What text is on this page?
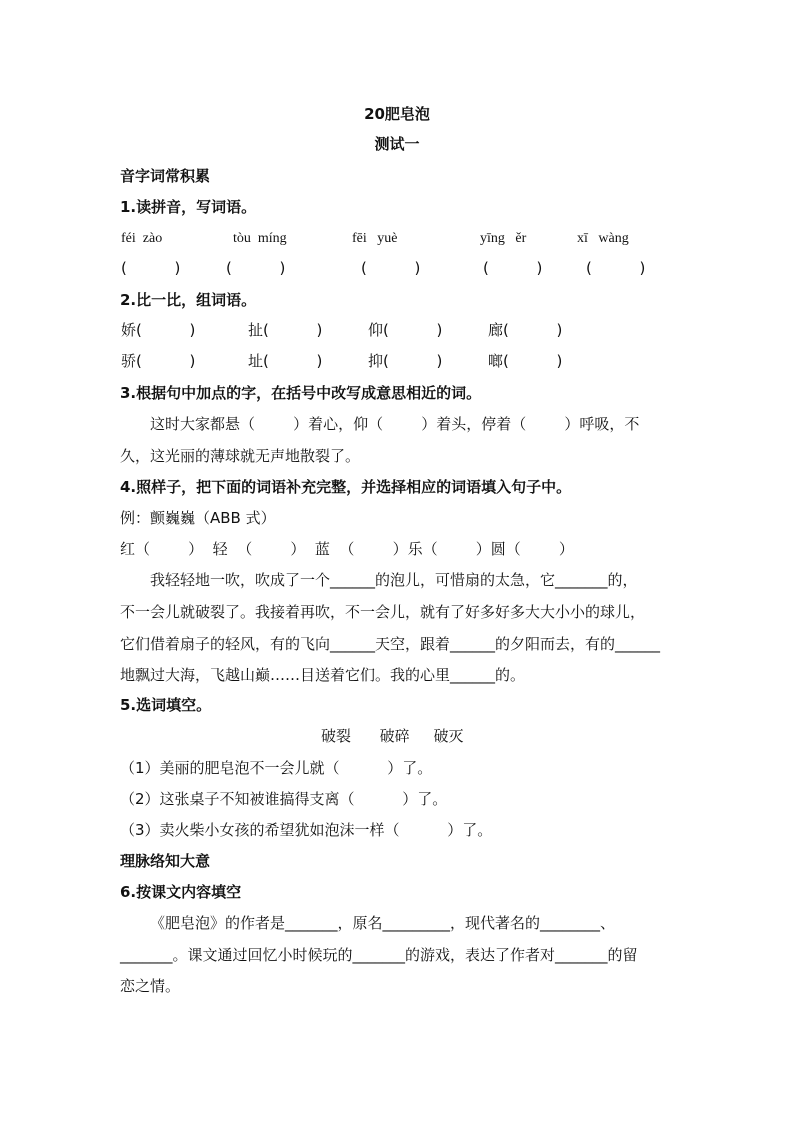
20肥皂泡
测试一
音字词常积累
1.读拼音，写词语。
féi  zào	tòu  míng	fēi   yuè	yīng   ěr	xī   wàng
(          )	(          )	(          )	(          )	(          )
2.比一比，组词语。
娇(          )	扯(          )	仰(          )	廊(          )
骄(          )	址(          )	抑(          )	啷(          )
3.根据句中加点的字，在括号中改写成意思相近的词。
这时大家都悬（        ）着心，仰（        ）着头，停着（        ）呼吸，不
久，这光丽的薄球就无声地散裂了。
4.照样子，把下面的词语补充完整，并选择相应的词语填入句子中。
例：颤巍巍（ABB 式）
红（        ）  轻  （        ）  蓝  （        ）乐（        ）圆（        ）
我轻轻地一吹，吹成了一个______的泡儿，可惜扇的太急，它_______的，
不一会儿就破裂了。我接着再吹，不一会儿，就有了好多好多大大小小的球儿，
它们借着扇子的轻风，有的飞向______天空，跟着______的夕阳而去，有的______
地飘过大海，飞越山巅……目送着它们。我的心里______的。
5.选词填空。
破裂      破碎     破灭
（1）美丽的肥皂泡不一会儿就（          ）了。
（2）这张桌子不知被谁搞得支离（          ）了。
（3）卖火柴小女孩的希望犹如泡沫一样（          ）了。
理脉络知大意
6.按课文内容填空
《肥皂泡》的作者是_______，原名_________，现代著名的________、
_______。课文通过回忆小时候玩的_______的游戏，表达了作者对_______的留
恋之情。
